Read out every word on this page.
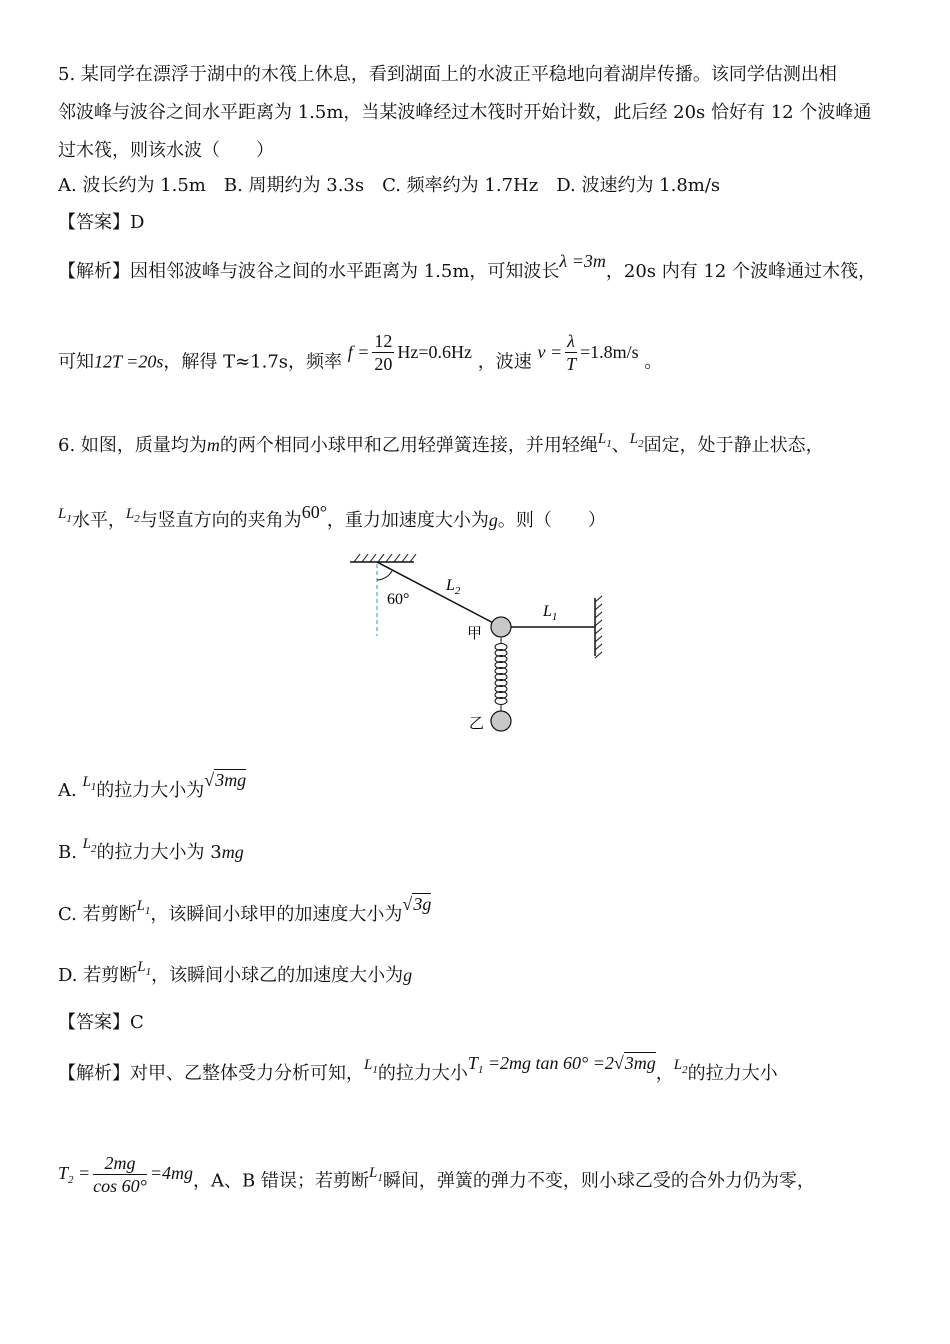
5. 某同学在漂浮于湖中的木筏上休息，看到湖面上的水波正平稳地向着湖岸传播。该同学估测出相
邻波峰与波谷之间水平距离为 1.5m，当某波峰经过木筏时开始计数，此后经 20s 恰好有 12 个波峰通
过木筏，则该水波（　　）
A. 波长约为 1.5m　B. 周期约为 3.3s　C. 频率约为 1.7Hz　D. 波速约为 1.8m/s
【答案】D
【解析】因相邻波峰与波谷之间的水平距离为 1.5m，可知波长λ =3m，20s 内有 12 个波峰通过木筏，
可知12T =20s，解得 T≈1.7s，频率 $f = \frac{12}{20} Hz=0.6Hz$ ，波速 $v = \frac{\lambda}{T} =1.8m/s$ 。
6. 如图，质量均为m的两个相同小球甲和乙用轻弹簧连接，并用轻绳$^{L_1}$、$^{L_2}$固定，处于静止状态，
$^{L_1}$水平，$^{L_2}$与竖直方向的夹角为60°，重力加速度大小为g。则（　　）
60°
$L_2$
$L_1$
甲
乙
A. $^{L_1}$的拉力大小为√3mg
B. $^{L_2}$的拉力大小为 3mg
C. 若剪断$^{L_1}$，该瞬间小球甲的加速度大小为√3g
D. 若剪断$^{L_1}$，该瞬间小球乙的加速度大小为g
【答案】C
【解析】对甲、乙整体受力分析可知，$^{L_1}$的拉力大小$T_1 =2mg$ tan 60° =2√3mg，$^{L_2}$的拉力大小
$T_2 = \frac{2mg}{\cos 60^\circ} =4mg$，A、B 错误；若剪断$^{L_1}$瞬间，弹簧的弹力不变，则小球乙受的合外力仍为零，
